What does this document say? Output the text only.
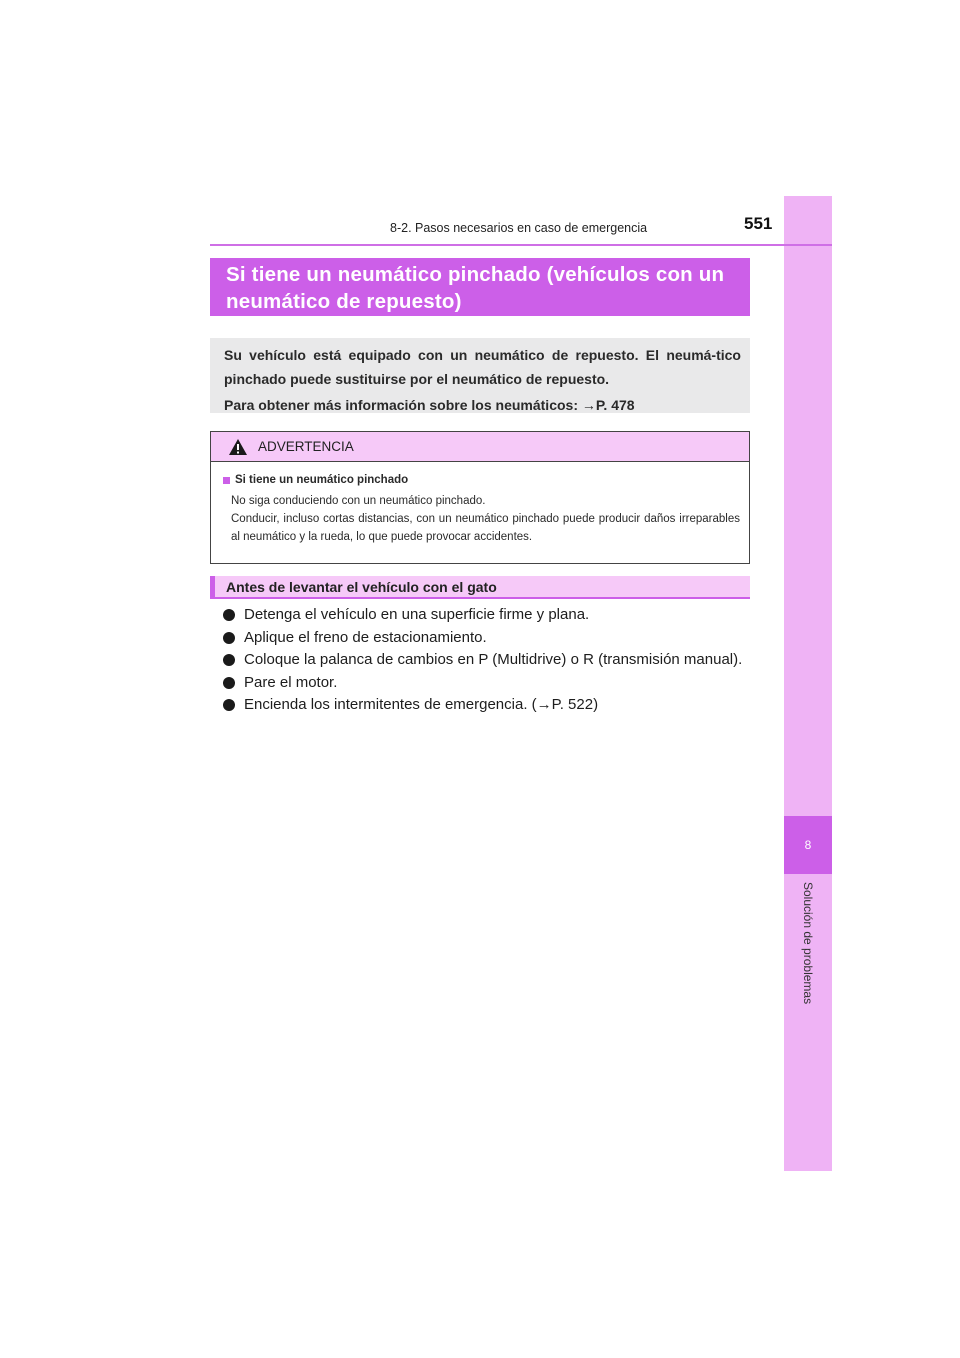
8
Solución de problemas
8-2. Pasos necesarios en caso de emergencia	551
Si tiene un neumático pinchado (vehículos con un neumático de repuesto)

Su vehículo está equipado con un neumático de repuesto. El neumá-tico pinchado puede sustituirse por el neumático de repuesto.

Para obtener más información sobre los neumáticos: →P. 478

ADVERTENCIA
Si tiene un neumático pinchado
No siga conduciendo con un neumático pinchado.
Conducir, incluso cortas distancias, con un neumático pinchado puede producir daños irreparables al neumático y la rueda, lo que puede provocar accidentes.
Antes de levantar el vehículo con el gato
Detenga el vehículo en una superficie firme y plana.
Aplique el freno de estacionamiento.
Coloque la palanca de cambios en P (Multidrive) o R (transmisión manual).
Pare el motor.
Encienda los intermitentes de emergencia. (→P. 522)
